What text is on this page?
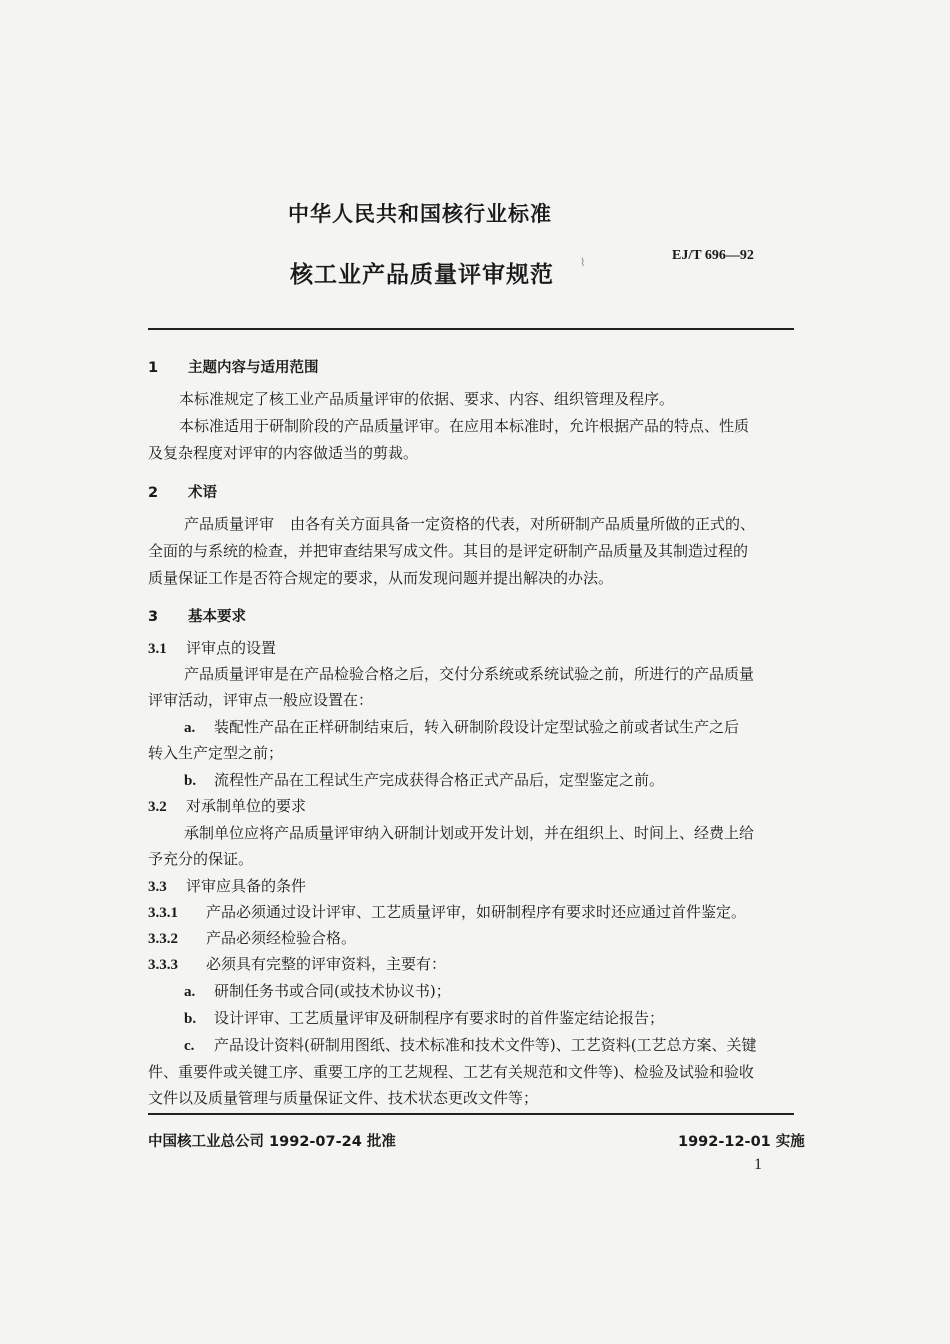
中华人民共和国核行业标准
核工业产品质量评审规范
EJ/T 696—92
⌇
1 主题内容与适用范围
本标准规定了核工业产品质量评审的依据、要求、内容、组织管理及程序。
本标准适用于研制阶段的产品质量评审。在应用本标准时，允许根据产品的特点、性质
及复杂程度对评审的内容做适当的剪裁。
2 术语
产品质量评审 由各有关方面具备一定资格的代表，对所研制产品质量所做的正式的、
全面的与系统的检查，并把审查结果写成文件。其目的是评定研制产品质量及其制造过程的
质量保证工作是否符合规定的要求，从而发现问题并提出解决的办法。
3 基本要求
3.1 评审点的设置
产品质量评审是在产品检验合格之后，交付分系统或系统试验之前，所进行的产品质量
评审活动，评审点一般应设置在：
a. 装配性产品在正样研制结束后，转入研制阶段设计定型试验之前或者试生产之后
转入生产定型之前；
b. 流程性产品在工程试生产完成获得合格正式产品后，定型鉴定之前。
3.2 对承制单位的要求
承制单位应将产品质量评审纳入研制计划或开发计划，并在组织上、时间上、经费上给
予充分的保证。
3.3 评审应具备的条件
3.3.1 产品必须通过设计评审、工艺质量评审，如研制程序有要求时还应通过首件鉴定。
3.3.2 产品必须经检验合格。
3.3.3 必须具有完整的评审资料，主要有：
a. 研制任务书或合同(或技术协议书)；
b. 设计评审、工艺质量评审及研制程序有要求时的首件鉴定结论报告；
c. 产品设计资料(研制用图纸、技术标准和技术文件等)、工艺资料(工艺总方案、关键
件、重要件或关键工序、重要工序的工艺规程、工艺有关规范和文件等)、检验及试验和验收
文件以及质量管理与质量保证文件、技术状态更改文件等；
中国核工业总公司 1992-07-24 批准	1992-12-01 实施
1
